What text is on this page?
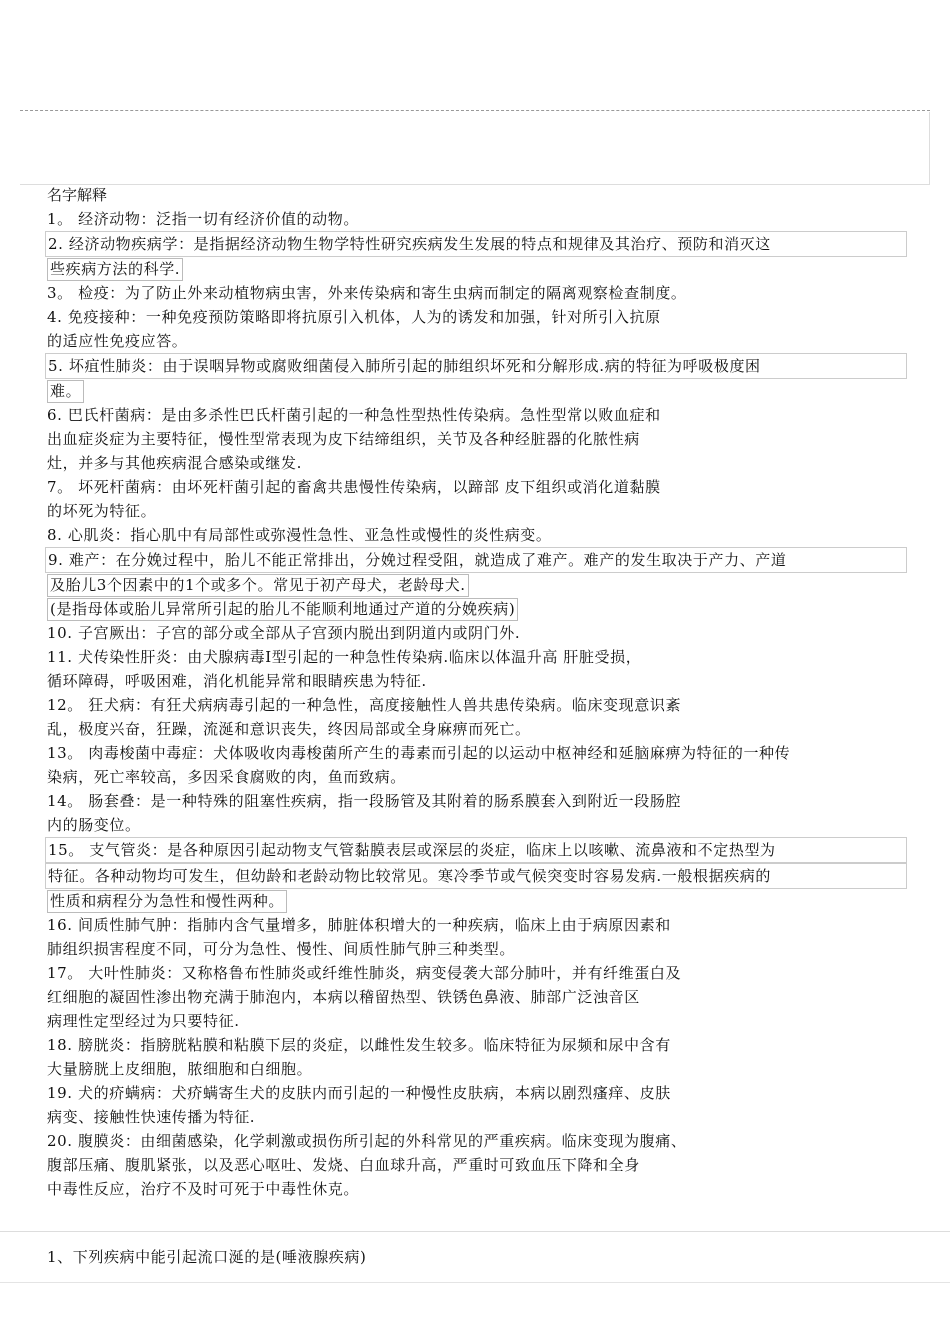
名字解释
1。 经济动物：泛指一切有经济价值的动物。
2. 经济动物疾病学：是指据经济动物生物学特性研究疾病发生发展的特点和规律及其治疗、预防和消灭这
些疾病方法的科学.
3。 检疫：为了防止外来动植物病虫害，外来传染病和寄生虫病而制定的隔离观察检查制度。
4. 免疫接种：一种免疫预防策略即将抗原引入机体，人为的诱发和加强，针对所引入抗原
的适应性免疫应答。
5. 坏疽性肺炎：由于误咽异物或腐败细菌侵入肺所引起的肺组织坏死和分解形成.病的特征为呼吸极度困
难。
6. 巴氏杆菌病：是由多杀性巴氏杆菌引起的一种急性型热性传染病。急性型常以败血症和
出血症炎症为主要特征，慢性型常表现为皮下结缔组织，关节及各种经脏器的化脓性病
灶，并多与其他疾病混合感染或继发.
7。 坏死杆菌病：由坏死杆菌引起的畜禽共患慢性传染病，以蹄部 皮下组织或消化道黏膜
的坏死为特征。
8. 心肌炎：指心肌中有局部性或弥漫性急性、亚急性或慢性的炎性病变。
9. 难产：在分娩过程中，胎儿不能正常排出，分娩过程受阻，就造成了难产。难产的发生取决于产力、产道
及胎儿3个因素中的1个或多个。常见于初产母犬，老龄母犬.
(是指母体或胎儿异常所引起的胎儿不能顺利地通过产道的分娩疾病)
10. 子宫厥出：子宫的部分或全部从子宫颈内脱出到阴道内或阴门外.
11. 犬传染性肝炎：由犬腺病毒Ⅰ型引起的一种急性传染病.临床以体温升高 肝脏受损，
循环障碍，呼吸困难，消化机能异常和眼睛疾患为特征.
12。 狂犬病：有狂犬病病毒引起的一种急性，高度接触性人兽共患传染病。临床变现意识紊
乱，极度兴奋，狂躁，流涎和意识丧失，终因局部或全身麻痹而死亡。
13。 肉毒梭菌中毒症：犬体吸收肉毒梭菌所产生的毒素而引起的以运动中枢神经和延脑麻痹为特征的一种传
染病，死亡率较高，多因采食腐败的肉，鱼而致病。
14。 肠套叠：是一种特殊的阻塞性疾病，指一段肠管及其附着的肠系膜套入到附近一段肠腔
内的肠变位。
15。 支气管炎：是各种原因引起动物支气管黏膜表层或深层的炎症，临床上以咳嗽、流鼻液和不定热型为
特征。各种动物均可发生，但幼龄和老龄动物比较常见。寒冷季节或气候突变时容易发病.一般根据疾病的
性质和病程分为急性和慢性两种。
16. 间质性肺气肿：指肺内含气量增多，肺脏体积增大的一种疾病，临床上由于病原因素和
肺组织损害程度不同，可分为急性、慢性、间质性肺气肿三种类型。
17。 大叶性肺炎：又称格鲁布性肺炎或纤维性肺炎，病变侵袭大部分肺叶，并有纤维蛋白及
红细胞的凝固性渗出物充满于肺泡内，本病以稽留热型、铁锈色鼻液、肺部广泛浊音区
病理性定型经过为只要特征.
18. 膀胱炎：指膀胱粘膜和粘膜下层的炎症，以雌性发生较多。临床特征为尿频和尿中含有
大量膀胱上皮细胞，脓细胞和白细胞。
19. 犬的疥螨病：犬疥螨寄生犬的皮肤内而引起的一种慢性皮肤病，本病以剧烈瘙痒、皮肤
病变、接触性快速传播为特征.
20. 腹膜炎：由细菌感染，化学刺激或损伤所引起的外科常见的严重疾病。临床变现为腹痛、
腹部压痛、腹肌紧张，以及恶心呕吐、发烧、白血球升高，严重时可致血压下降和全身
中毒性反应，治疗不及时可死于中毒性休克。
1、下列疾病中能引起流口涎的是(唾液腺疾病)
